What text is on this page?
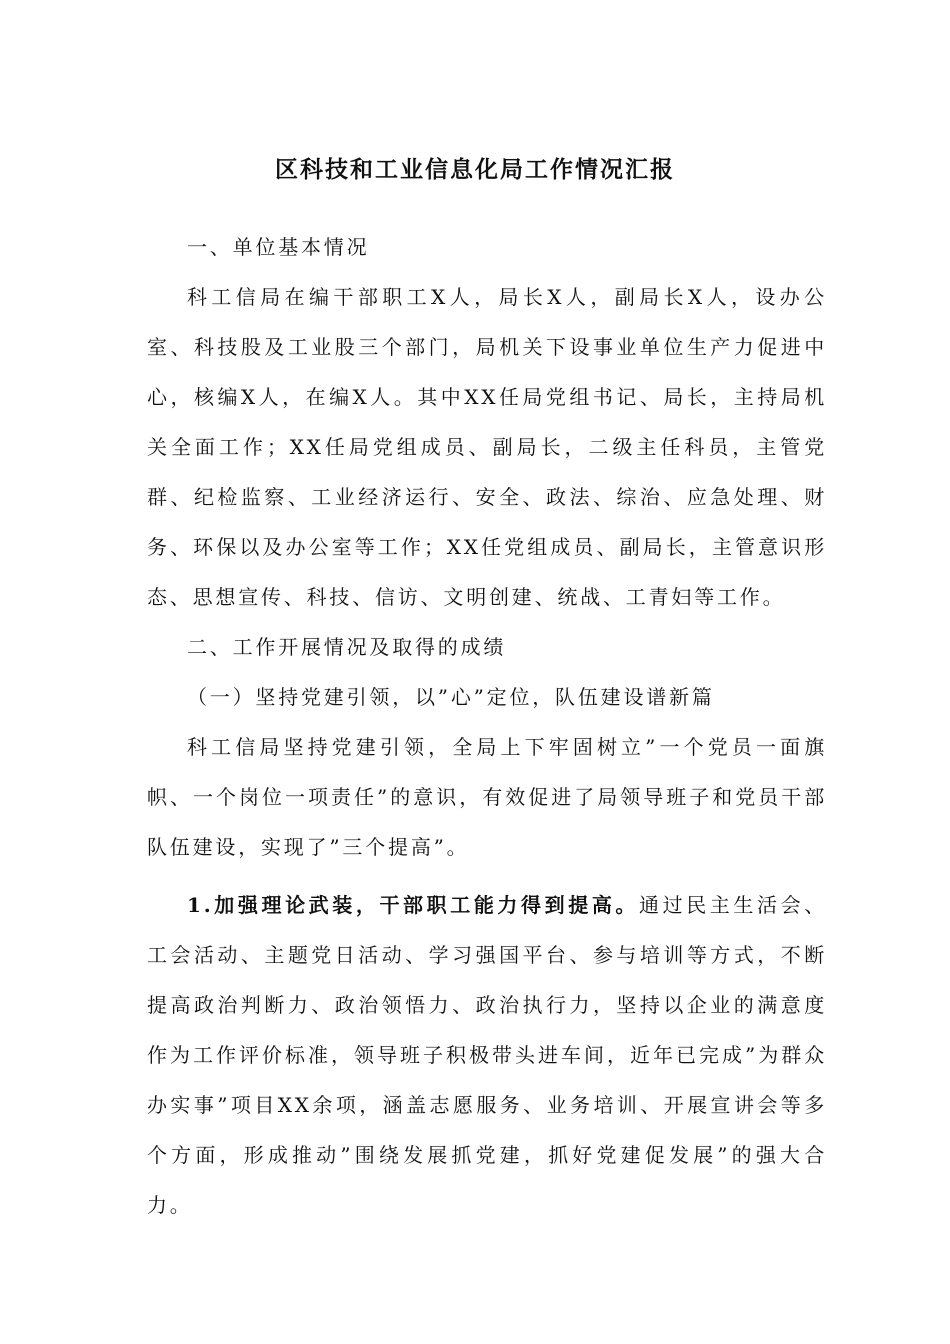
区科技和工业信息化局工作情况汇报

一、单位基本情况

科工信局在编干部职工X人，局长X人，副局长X人，设办公室、科技股及工业股三个部门，局机关下设事业单位生产力促进中心，核编X人，在编X人。其中XX任局党组书记、局长，主持局机关全面工作；XX任局党组成员、副局长，二级主任科员，主管党群、纪检监察、工业经济运行、安全、政法、综治、应急处理、财务、环保以及办公室等工作；XX任党组成员、副局长，主管意识形态、思想宣传、科技、信访、文明创建、统战、工青妇等工作。

二、工作开展情况及取得的成绩

（一）坚持党建引领，以”心”定位，队伍建设谱新篇

科工信局坚持党建引领，全局上下牢固树立”一个党员一面旗帜、一个岗位一项责任”的意识，有效促进了局领导班子和党员干部队伍建设，实现了”三个提高”。

1.加强理论武装，干部职工能力得到提高。通过民主生活会、工会活动、主题党日活动、学习强国平台、参与培训等方式，不断提高政治判断力、政治领悟力、政治执行力，坚持以企业的满意度作为工作评价标准，领导班子积极带头进车间，近年已完成”为群众办实事”项目XX余项，涵盖志愿服务、业务培训、开展宣讲会等多个方面，形成推动”围绕发展抓党建，抓好党建促发展”的强大合力。
